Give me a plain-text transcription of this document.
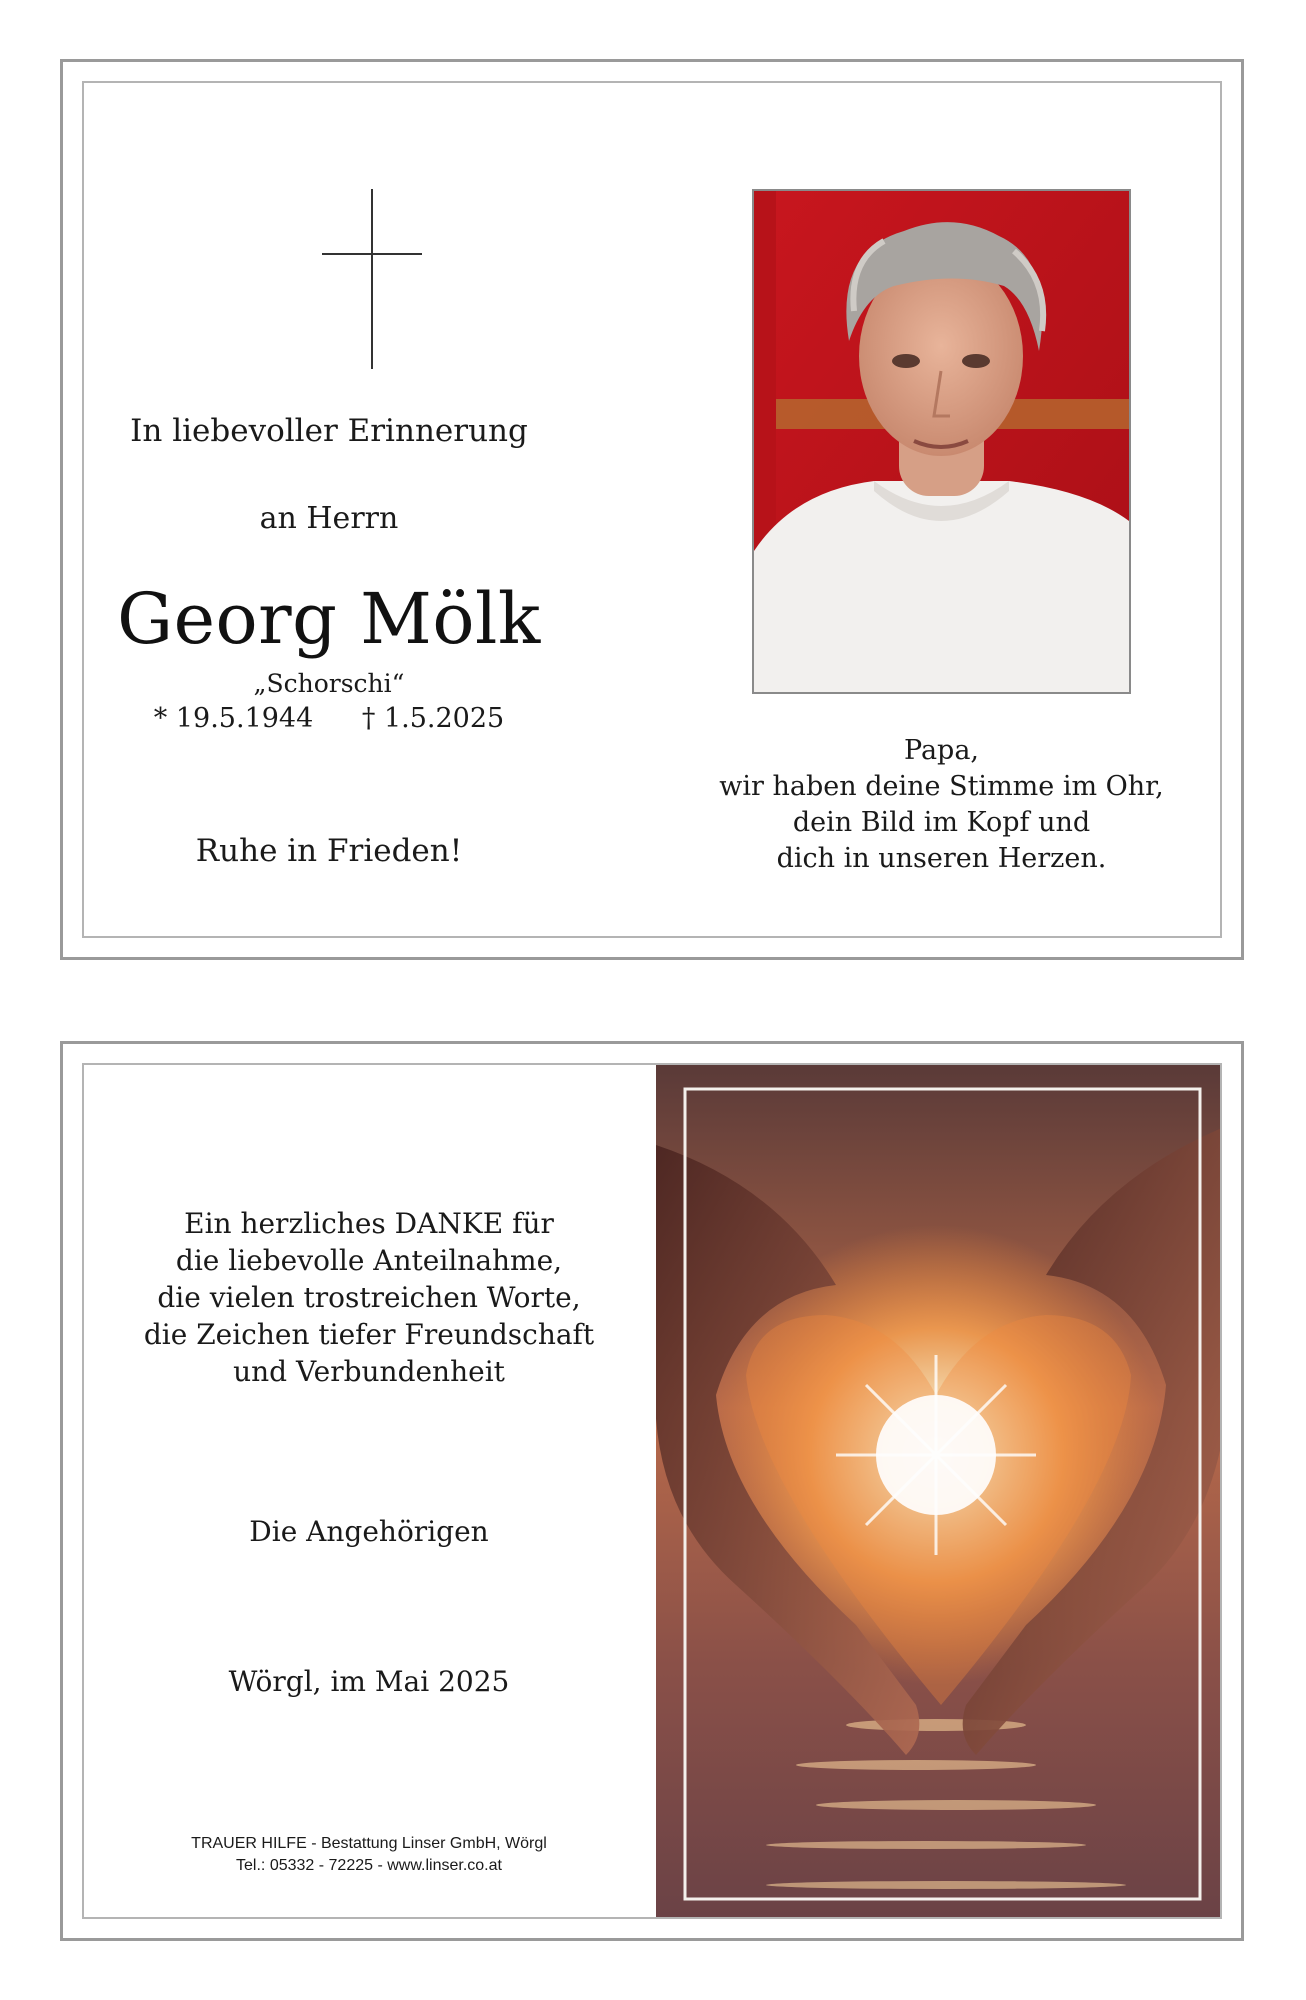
In liebevoller Erinnerung
an Herrn
Georg Mölk
„Schorschi“
* 19.5.1944 † 1.5.2025
Ruhe in Frieden!
Papa,
wir haben deine Stimme im Ohr,
dein Bild im Kopf und
dich in unseren Herzen.
Ein herzliches DANKE für
die liebevolle Anteilnahme,
die vielen trostreichen Worte,
die Zeichen tiefer Freundschaft
und Verbundenheit
Die Angehörigen
Wörgl, im Mai 2025
TRAUER HILFE - Bestattung Linser GmbH, Wörgl
Tel.: 05332 - 72225 - www.linser.co.at
